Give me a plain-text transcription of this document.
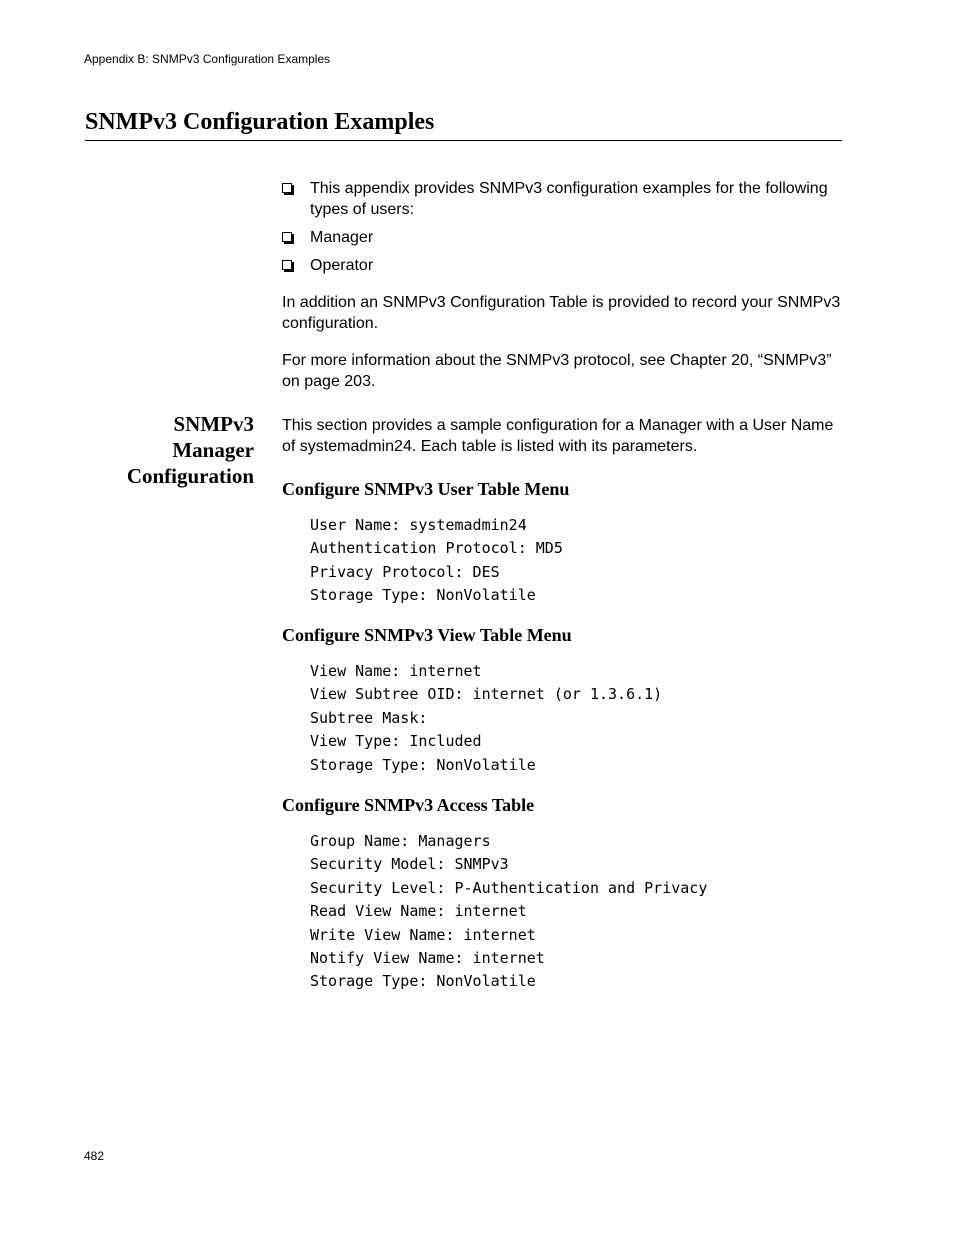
Appendix B: SNMPv3 Configuration Examples
SNMPv3 Configuration Examples
This appendix provides SNMPv3 configuration examples for the following types of users:
Manager
Operator
In addition an SNMPv3 Configuration Table is provided to record your SNMPv3 configuration.
For more information about the SNMPv3 protocol, see Chapter 20, “SNMPv3” on page 203.
SNMPv3
Manager
Configuration
This section provides a sample configuration for a Manager with a User Name of systemadmin24. Each table is listed with its parameters.
Configure SNMPv3 User Table Menu
User Name: systemadmin24
Authentication Protocol: MD5
Privacy Protocol: DES
Storage Type: NonVolatile
Configure SNMPv3 View Table Menu
View Name: internet
View Subtree OID: internet (or 1.3.6.1)
Subtree Mask:
View Type: Included
Storage Type: NonVolatile
Configure SNMPv3 Access Table
Group Name: Managers
Security Model: SNMPv3
Security Level: P-Authentication and Privacy
Read View Name: internet
Write View Name: internet
Notify View Name: internet
Storage Type: NonVolatile
482
